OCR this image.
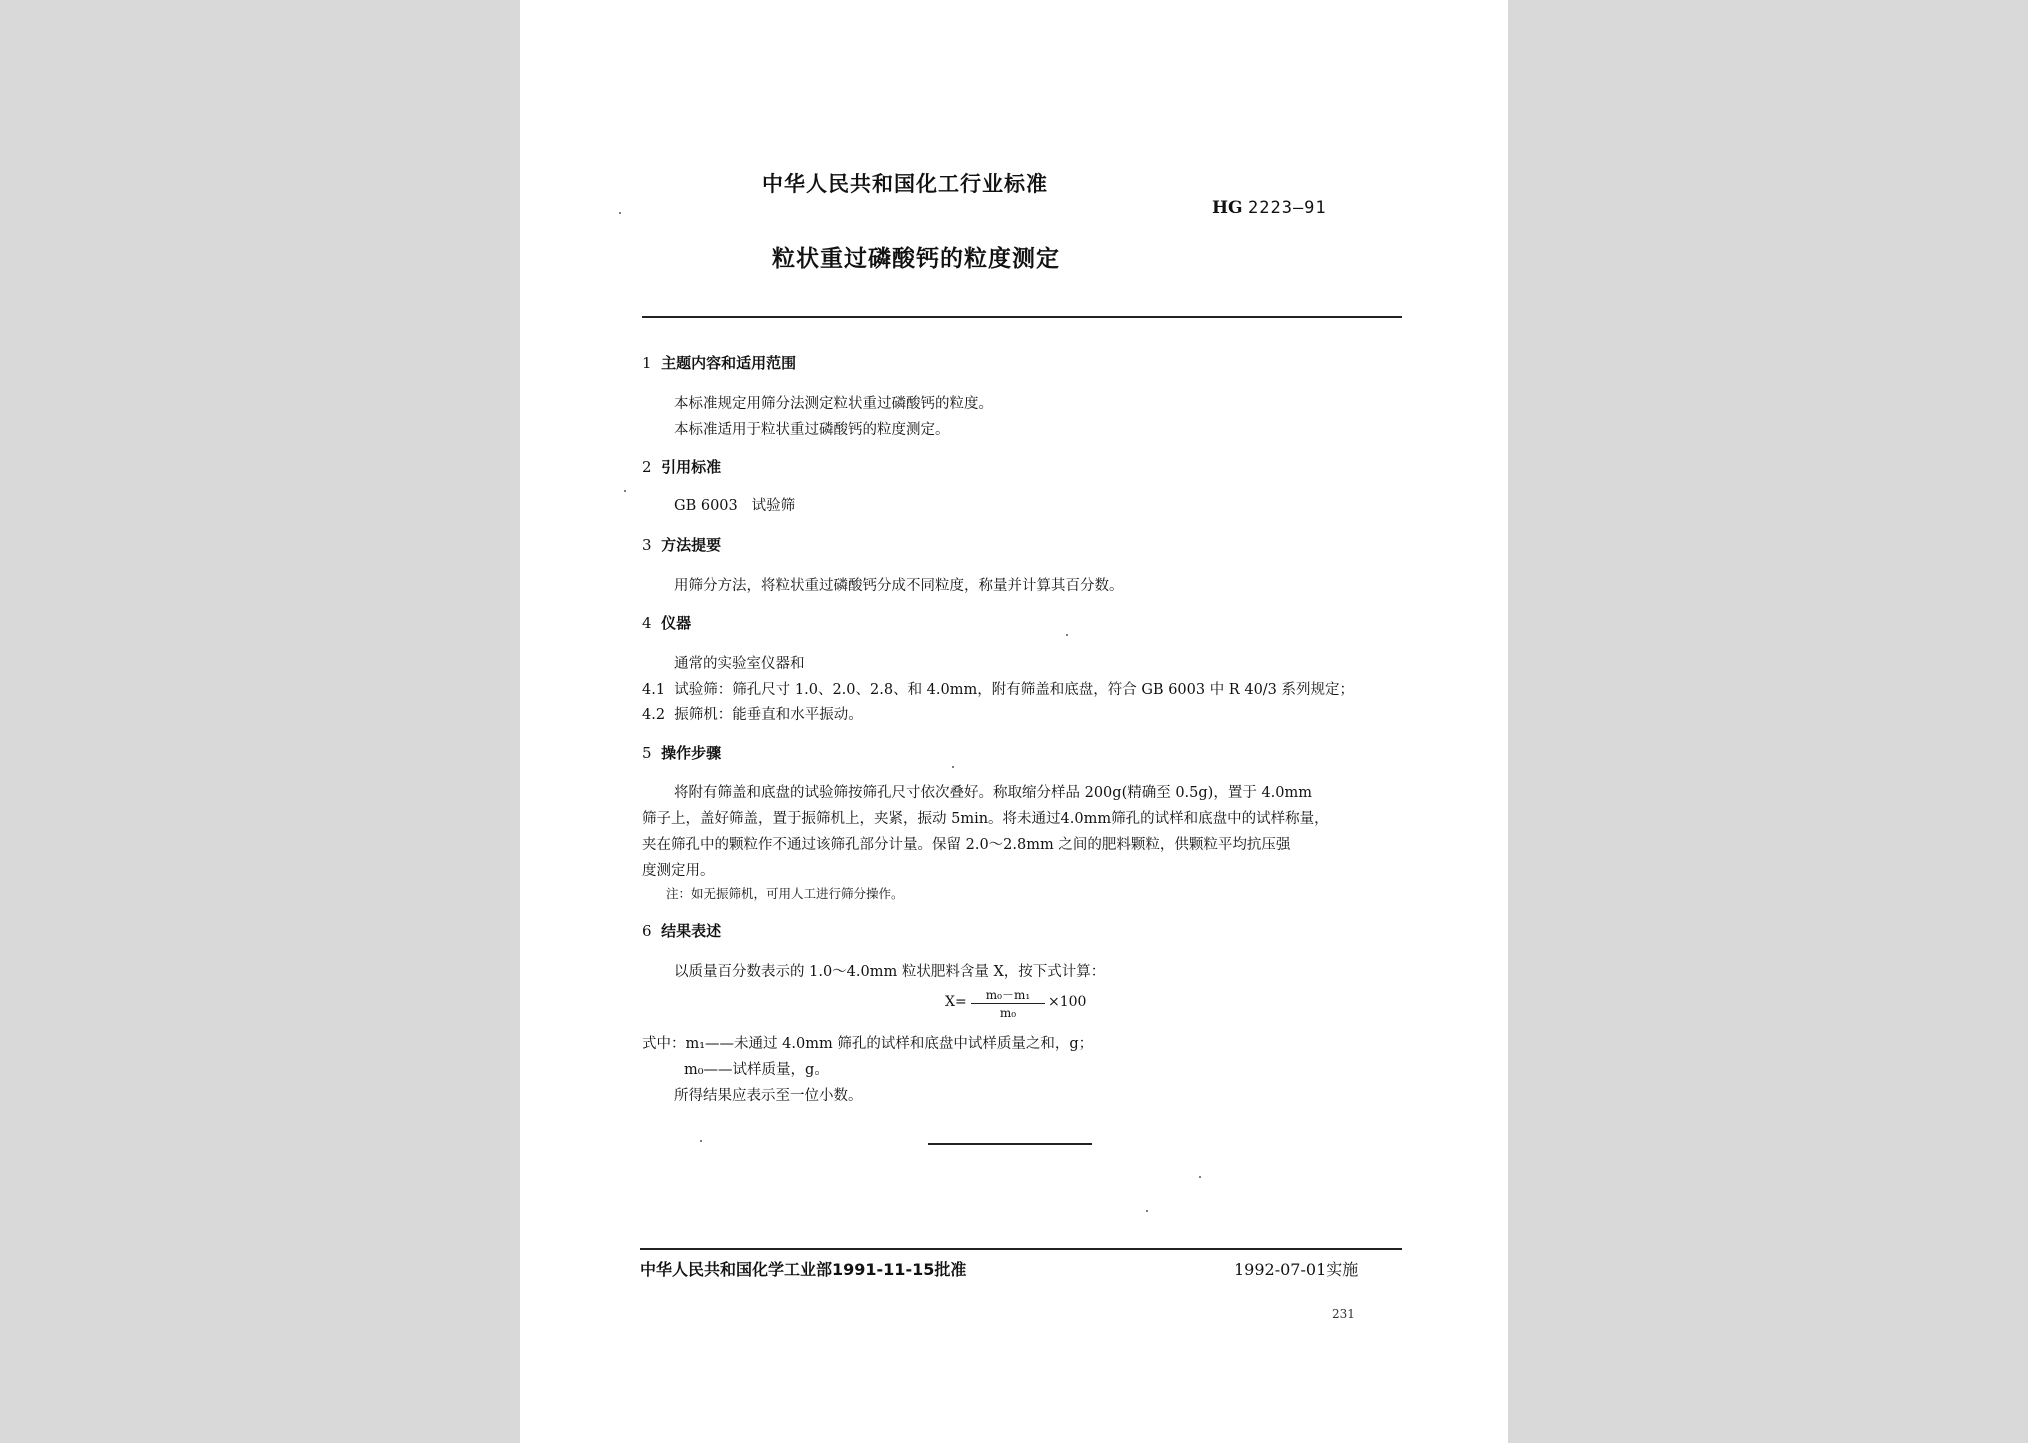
中华人民共和国化工行业标准
HG 2223—91
粒状重过磷酸钙的粒度测定
1 主题内容和适用范围
本标准规定用筛分法测定粒状重过磷酸钙的粒度。
本标准适用于粒状重过磷酸钙的粒度测定。
2 引用标准
GB 6003 试验筛
3 方法提要
用筛分方法，将粒状重过磷酸钙分成不同粒度，称量并计算其百分数。
4 仪器
通常的实验室仪器和
4.1 试验筛：筛孔尺寸 1.0、2.0、2.8、和 4.0mm，附有筛盖和底盘，符合 GB 6003 中 R 40/3 系列规定；
4.2 振筛机：能垂直和水平振动。
5 操作步骤
将附有筛盖和底盘的试验筛按筛孔尺寸依次叠好。称取缩分样品 200g(精确至 0.5g)，置于 4.0mm
筛子上，盖好筛盖，置于振筛机上，夹紧，振动 5min。将未通过4.0mm筛孔的试样和底盘中的试样称量，
夹在筛孔中的颗粒作不通过该筛孔部分计量。保留 2.0～2.8mm 之间的肥料颗粒，供颗粒平均抗压强
度测定用。
注：如无振筛机，可用人工进行筛分操作。
6 结果表述
以质量百分数表示的 1.0～4.0mm 粒状肥料含量 X，按下式计算：
X=	m₀－m₁
m₀
×100
式中：m₁——未通过 4.0mm 筛孔的试样和底盘中试样质量之和，g；
m₀——试样质量，g。
所得结果应表示至一位小数。
中华人民共和国化学工业部1991-11-15批准	1992-07-01实施
231
